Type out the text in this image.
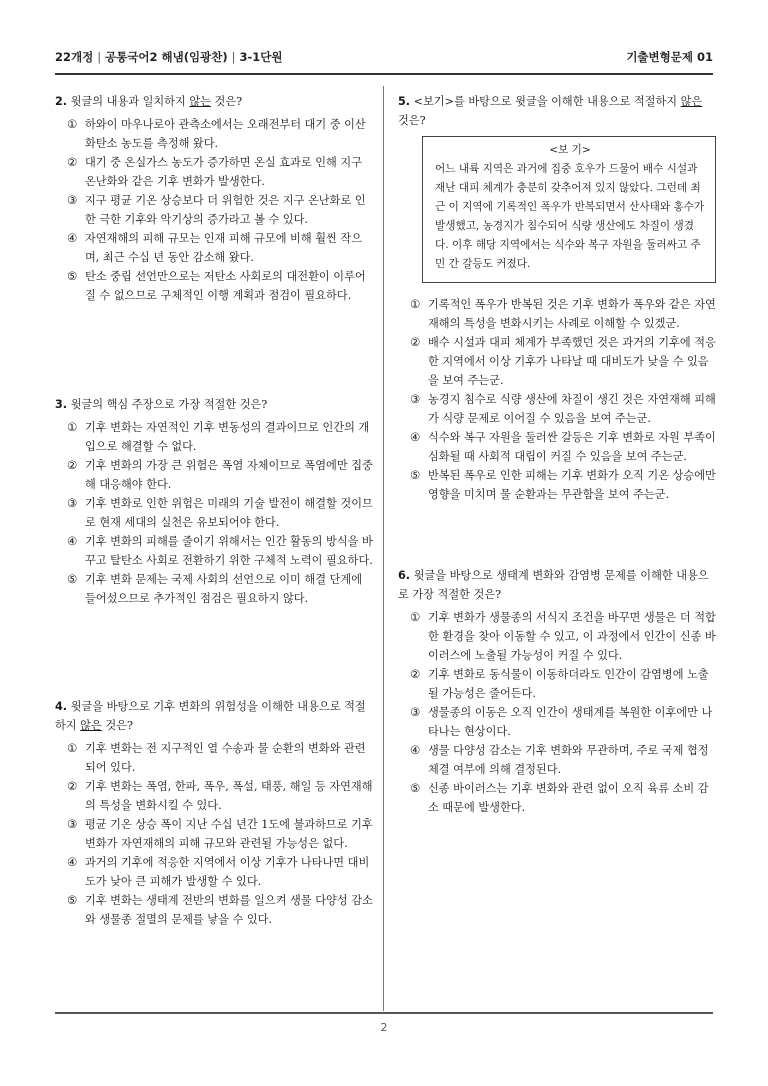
22개정 | 공통국어2 해냄(임광찬) | 3-1단원	기출변형문제 01
2. 윗글의 내용과 일치하지 않는 것은?
① 하와이 마우나로아 관측소에서는 오래전부터 대기 중 이산화탄소 농도를 측정해 왔다.
② 대기 중 온실가스 농도가 증가하면 온실 효과로 인해 지구 온난화와 같은 기후 변화가 발생한다.
③ 지구 평균 기온 상승보다 더 위험한 것은 지구 온난화로 인한 극한 기후와 악기상의 증가라고 볼 수 있다.
④ 자연재해의 피해 규모는 인재 피해 규모에 비해 훨씬 작으며, 최근 수십 년 동안 감소해 왔다.
⑤ 탄소 중립 선언만으로는 저탄소 사회로의 대전환이 이루어질 수 없으므로 구체적인 이행 계획과 점검이 필요하다.
3. 윗글의 핵심 주장으로 가장 적절한 것은?
① 기후 변화는 자연적인 기후 변동성의 결과이므로 인간의 개입으로 해결할 수 없다.
② 기후 변화의 가장 큰 위험은 폭염 자체이므로 폭염에만 집중해 대응해야 한다.
③ 기후 변화로 인한 위험은 미래의 기술 발전이 해결할 것이므로 현재 세대의 실천은 유보되어야 한다.
④ 기후 변화의 피해를 줄이기 위해서는 인간 활동의 방식을 바꾸고 탈탄소 사회로 전환하기 위한 구체적 노력이 필요하다.
⑤ 기후 변화 문제는 국제 사회의 선언으로 이미 해결 단계에 들어섰으므로 추가적인 점검은 필요하지 않다.
4. 윗글을 바탕으로 기후 변화의 위험성을 이해한 내용으로 적절하지 않은 것은?
① 기후 변화는 전 지구적인 열 수송과 물 순환의 변화와 관련되어 있다.
② 기후 변화는 폭염, 한파, 폭우, 폭설, 태풍, 해일 등 자연재해의 특성을 변화시킬 수 있다.
③ 평균 기온 상승 폭이 지난 수십 년간 1도에 불과하므로 기후 변화가 자연재해의 피해 규모와 관련될 가능성은 없다.
④ 과거의 기후에 적응한 지역에서 이상 기후가 나타나면 대비도가 낮아 큰 피해가 발생할 수 있다.
⑤ 기후 변화는 생태계 전반의 변화를 일으켜 생물 다양성 감소와 생물종 절멸의 문제를 낳을 수 있다.
5. <보기>를 바탕으로 윗글을 이해한 내용으로 적절하지 않은 것은?
<보 기>
어느 내륙 지역은 과거에 집중 호우가 드물어 배수 시설과 재난 대피 체계가 충분히 갖추어져 있지 않았다. 그런데 최근 이 지역에 기록적인 폭우가 반복되면서 산사태와 홍수가 발생했고, 농경지가 침수되어 식량 생산에도 차질이 생겼다. 이후 해당 지역에서는 식수와 복구 자원을 둘러싸고 주민 간 갈등도 커졌다.
① 기록적인 폭우가 반복된 것은 기후 변화가 폭우와 같은 자연재해의 특성을 변화시키는 사례로 이해할 수 있겠군.
② 배수 시설과 대피 체계가 부족했던 것은 과거의 기후에 적응한 지역에서 이상 기후가 나타날 때 대비도가 낮을 수 있음을 보여 주는군.
③ 농경지 침수로 식량 생산에 차질이 생긴 것은 자연재해 피해가 식량 문제로 이어질 수 있음을 보여 주는군.
④ 식수와 복구 자원을 둘러싼 갈등은 기후 변화로 자원 부족이 심화될 때 사회적 대립이 커질 수 있음을 보여 주는군.
⑤ 반복된 폭우로 인한 피해는 기후 변화가 오직 기온 상승에만 영향을 미치며 물 순환과는 무관함을 보여 주는군.
6. 윗글을 바탕으로 생태계 변화와 감염병 문제를 이해한 내용으로 가장 적절한 것은?
① 기후 변화가 생물종의 서식지 조건을 바꾸면 생물은 더 적합한 환경을 찾아 이동할 수 있고, 이 과정에서 인간이 신종 바이러스에 노출될 가능성이 커질 수 있다.
② 기후 변화로 동식물이 이동하더라도 인간이 감염병에 노출될 가능성은 줄어든다.
③ 생물종의 이동은 오직 인간이 생태계를 복원한 이후에만 나타나는 현상이다.
④ 생물 다양성 감소는 기후 변화와 무관하며, 주로 국제 협정 체결 여부에 의해 결정된다.
⑤ 신종 바이러스는 기후 변화와 관련 없이 오직 육류 소비 감소 때문에 발생한다.
2
